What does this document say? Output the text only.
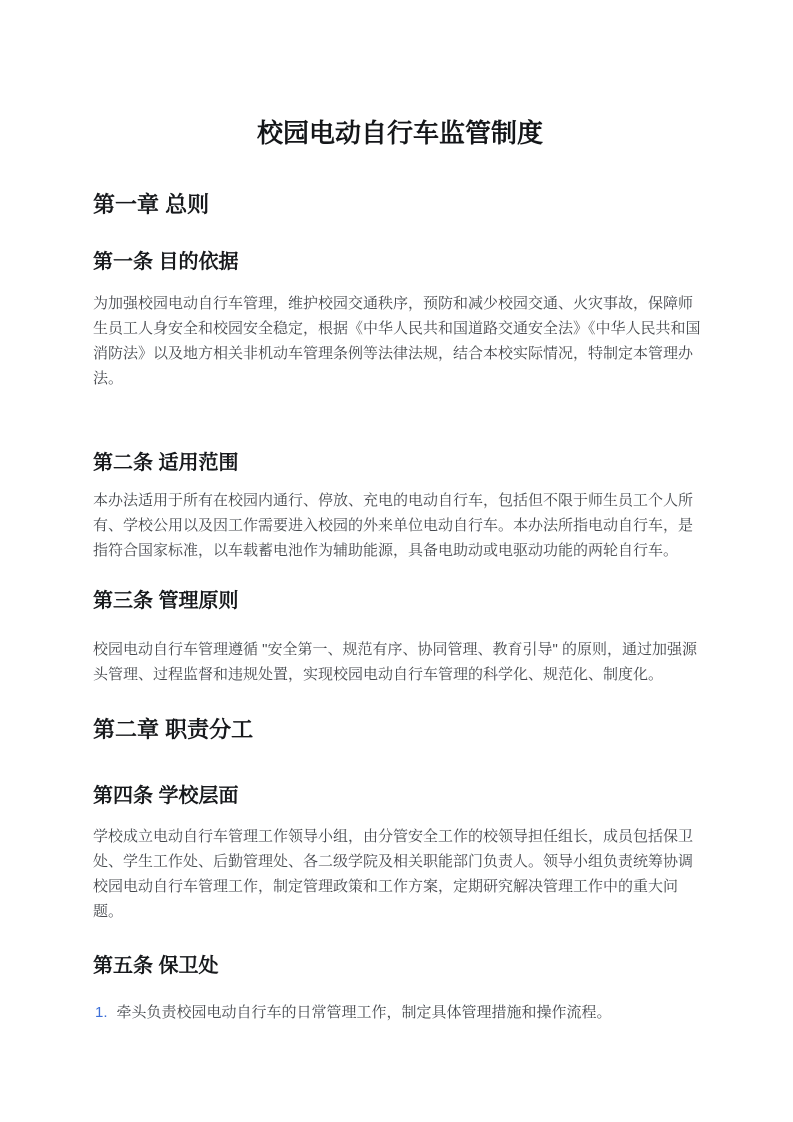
校园电动自行车监管制度
第一章 总则
第一条 目的依据

为加强校园电动自行车管理，维护校园交通秩序，预防和减少校园交通、火灾事故，保障师生员工人身安全和校园安全稳定，根据《中华人民共和国道路交通安全法》《中华人民共和国消防法》以及地方相关非机动车管理条例等法律法规，结合本校实际情况，特制定本管理办法。

第二条 适用范围

本办法适用于所有在校园内通行、停放、充电的电动自行车，包括但不限于师生员工个人所有、学校公用以及因工作需要进入校园的外来单位电动自行车。本办法所指电动自行车，是指符合国家标准，以车载蓄电池作为辅助能源，具备电助动或电驱动功能的两轮自行车。

第三条 管理原则

校园电动自行车管理遵循 "安全第一、规范有序、协同管理、教育引导" 的原则，通过加强源头管理、过程监督和违规处置，实现校园电动自行车管理的科学化、规范化、制度化。

第二章 职责分工
第四条 学校层面

学校成立电动自行车管理工作领导小组，由分管安全工作的校领导担任组长，成员包括保卫处、学生工作处、后勤管理处、各二级学院及相关职能部门负责人。领导小组负责统筹协调校园电动自行车管理工作，制定管理政策和工作方案，定期研究解决管理工作中的重大问题。

第五条 保卫处
1. 牵头负责校园电动自行车的日常管理工作，制定具体管理措施和操作流程。
